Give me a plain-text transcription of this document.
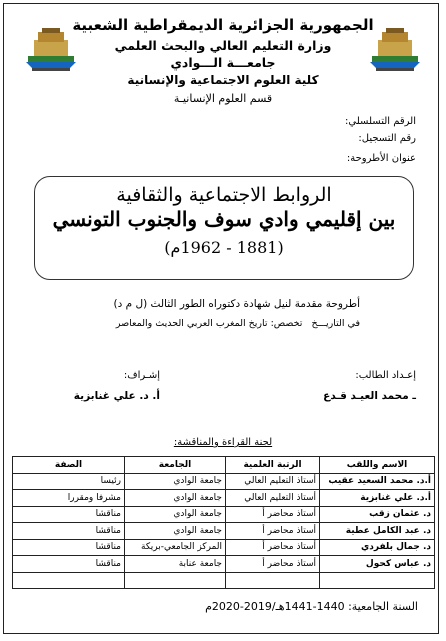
الجمهورية الجزائرية الديمقراطية الشعبية
وزارة التعليم العالي والبحث العلمي
جامعـــة الـــوادي
كلية العلوم الاجتماعية والإنسانية
قسم العلوم الإنسانيـة
الرقم التسلسلي:
رقم التسجيل:
عنوان الأطروحة:
الروابط الاجتماعية والثقافية
بين إقليمي وادي سوف والجنوب التونسي
(1881 - 1962م)
أطروحة مقدمة لنيل شهادة دكتوراه الطور الثالث (ل م د)
في التاريـــخ   تخصص: تاريخ المغرب العربي الحديث والمعاصر
إعـداد الطالب:
ـ محمد العيـد قـدع
إشـراف:
أ. د. علي غنابزية
لجنة القراءة والمناقشة:
الاسم واللقب	الرتبة العلمية	الجامعة	الصفة
أ.د. محمد السعيد عقيب	أستاذ التعليم العالي	جامعة الوادي	رئيسا
أ.د. علي غنابزية	أستاذ التعليم العالي	جامعة الوادي	مشرفا ومقررا
د. عثمان زقب	أستاذ محاضر أ	جامعة الوادي	مناقشا
د. عبد الكامل عطية	أستاذ محاضر أ	جامعة الوادي	مناقشا
د. جمال بلفردي	أستاذ محاضر أ	المركز الجامعي-بريكة	مناقشا
د. عباس كحول	أستاذ محاضر أ	جامعة عنابة	مناقشا

السنة الجامعية: 1440-1441هـ/2019-2020م
